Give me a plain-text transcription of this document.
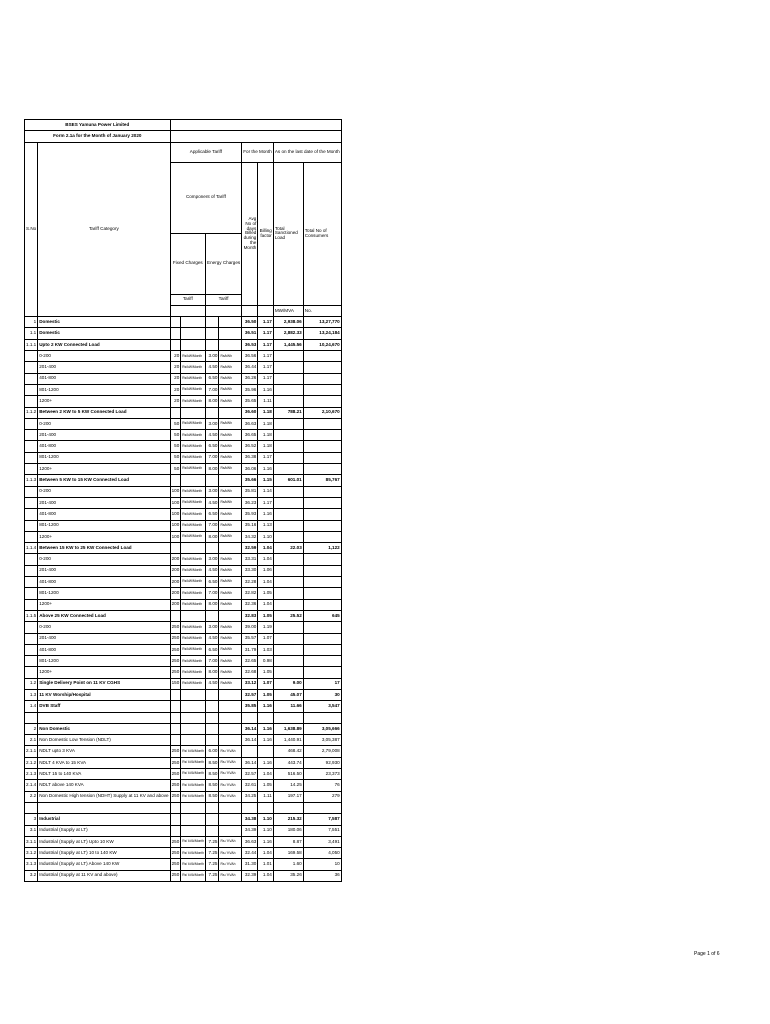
BSES Yamuna Power Limited									
Form 2.1a for the Month of January 2020									
S.No	Tariff Category	Applicable Tariff				For the Month		As on the last date of the Month	
		Component of Tariff				Avg No of days Billed during the Month	Billing factor	Total Sanctioned Load	Total No of Consumers
		Fixed Charges		Energy Charges					
		Tariff		Tariff					
								MW/MVA	No.
1	Domestic					36.50	1.17	2,938.06	13,27,770
1.1	Domestic					36.51	1.17	2,882.33	13,24,184
1.1.1	Upto 2 KW Connected Load					36.53	1.17	1,445.56	10,24,670
	0-200	20	Rs/kW/Month	3.00	Rs/kWh	36.56	1.17		
	201-400	20	Rs/kW/Month	4.50	Rs/kWh	36.44	1.17		
	401-800	20	Rs/kW/Month	6.50	Rs/kWh	36.26	1.17		
	801-1200	20	Rs/kW/Month	7.00	Rs/kWh	35.96	1.16		
	1200+	20	Rs/kW/Month	8.00	Rs/kWh	35.65	1.11		
1.1.2	Between 2 KW to 5 KW Connected Load					36.60	1.18	788.21	2,10,670
	0-200	50	Rs/kW/Month	3.00	Rs/kWh	36.63	1.18		
	201-400	50	Rs/kW/Month	4.50	Rs/kWh	36.65	1.18		
	401-800	50	Rs/kW/Month	6.50	Rs/kWh	36.52	1.18		
	801-1200	50	Rs/kW/Month	7.00	Rs/kWh	36.38	1.17		
	1200+	50	Rs/kW/Month	8.00	Rs/kWh	36.06	1.16		
1.1.3	Between 5 KW to 15 KW Connected Load					35.66	1.15	601.01	85,767
	0-200	100	Rs/kW/Month	3.00	Rs/kWh	35.81	1.14		
	201-400	100	Rs/kW/Month	4.50	Rs/kWh	36.23	1.17		
	401-800	100	Rs/kW/Month	6.50	Rs/kWh	35.93	1.16		
	801-1200	100	Rs/kW/Month	7.00	Rs/kWh	35.16	1.13		
	1200+	100	Rs/kW/Month	8.00	Rs/kWh	34.32	1.10		
1.1.4	Between 15 KW to 25 KW Connected Load					32.59	1.04	22.03	1,122
	0-200	200	Rs/kW/Month	3.00	Rs/kWh	33.31	1.04		
	201-400	200	Rs/kW/Month	4.50	Rs/kWh	33.30	1.06		
	401-800	200	Rs/kW/Month	6.50	Rs/kWh	32.28	1.04		
	801-1200	200	Rs/kW/Month	7.00	Rs/kWh	32.82	1.05		
	1200+	200	Rs/kW/Month	8.00	Rs/kWh	32.36	1.04		
1.1.5	Above 25 KW Connected Load					32.83	1.05	25.52	645
	0-200	250	Rs/kW/Month	3.00	Rs/kWh	39.00	1.19		
	201-400	250	Rs/kW/Month	4.50	Rs/kWh	35.57	1.07		
	401-800	250	Rs/kW/Month	6.50	Rs/kWh	31.79	1.03		
	801-1200	250	Rs/kW/Month	7.00	Rs/kWh	32.65	0.98		
	1200+	250	Rs/kW/Month	8.00	Rs/kWh	32.68	1.05		
1.2	Single Delivery Point on 11 KV CGHS	150	Rs/kW/Month	4.50	Rs/kWh	33.12	1.07	9.00	17
1.3	11 KV Worship/Hospital					32.57	1.05	45.07	30
1.4	DVB Staff					35.85	1.16	11.66	3,547

2	Non Domestic					36.14	1.16	1,638.89	3,05,666
2.1	Non Domestic Low Tension (NDLT)					36.14	1.16	1,440.91	3,05,387
2.1.1	NDLT upto 3 KVA	250	Rs/ kVA/Month	6.00	Rs./ KVAh			468.42	2,79,008
2.1.2	NDLT 4 KVA to 15 KVA	250	Rs/ kVA/Month	8.50	Rs./ KVAh	36.14	1.16	443.74	92,930
2.1.3	NDLT 15 to 140 KVA	250	Rs/ kVA/Month	8.50	Rs./ KVAh	32.57	1.04	516.50	23,373
2.1.4	NDLT above 140 KVA	250	Rs/ kVA/Month	8.50	Rs./ KVAh	32.61	1.05	14.25	76
2.2	Non Domestic High tension (NDHT) Supply at 11 KV and above	250	Rs/ kVA/Month	8.50	Rs./ KVAh	34.25	1.11	197.17	279

3	Industrial					34.38	1.10	215.32	7,587
3.1	Industrial (Supply at LT)					34.39	1.10	180.06	7,551
3.1.1	Industrial (Supply at LT) Upto 10 KW	250	Rs/ kVA/Month	7.25	Rs./ KVAh	36.63	1.16	8.87	3,491
3.1.2	Industrial (Supply at LT) 10 to 140 KW	250	Rs/ kVA/Month	7.25	Rs./ KVAh	32.44	1.04	169.58	4,050
3.1.3	Industrial (Supply at LT) Above 140 KW	250	Rs/ kVA/Month	7.25	Rs./ KVAh	31.30	1.01	1.60	10
3.2	Industrial (Supply at 11 KV and above)	250	Rs/ kVA/Month	7.25	Rs./ KVAh	32.39	1.04	35.26	36
Page 1 of 6
